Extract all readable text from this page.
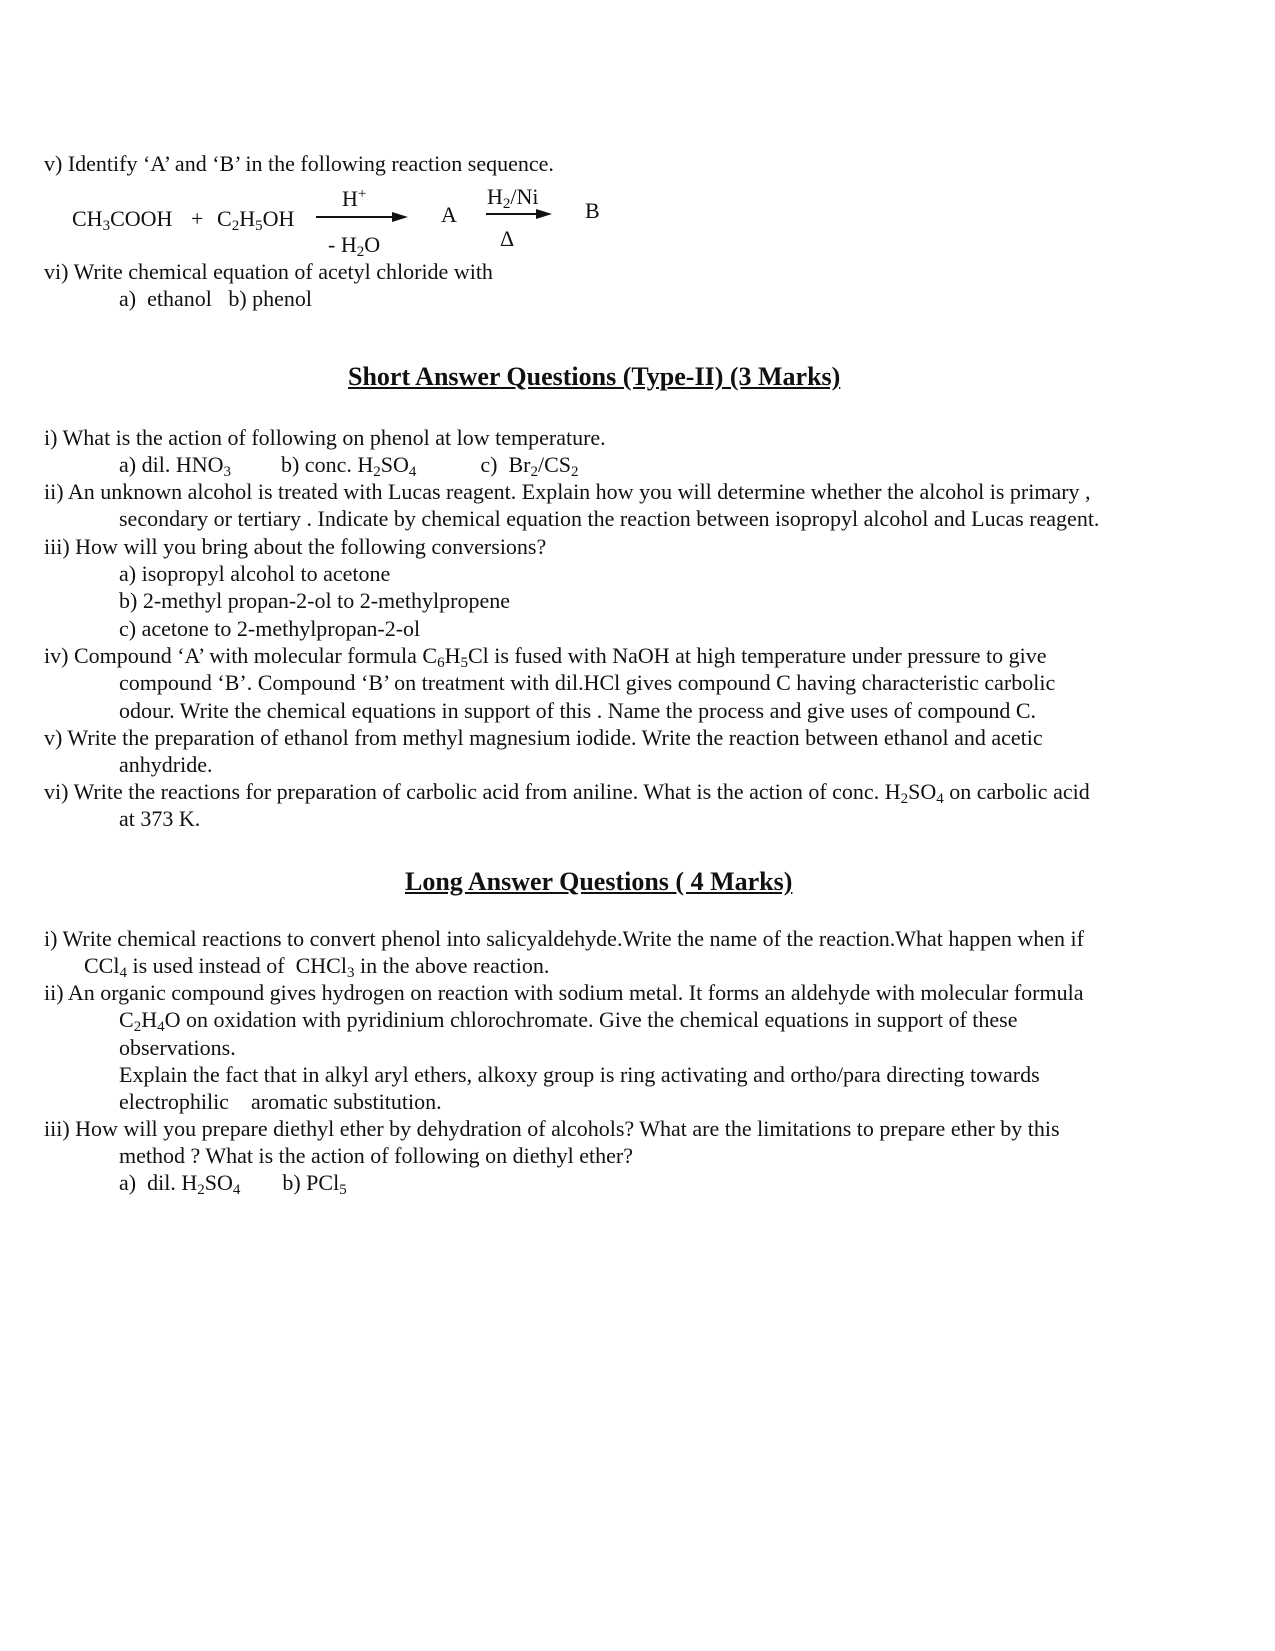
v) Identify ‘A’ and ‘B’ in the following reaction sequence.
$CH_3COOH + C_2H_5OH$
H+
- $H_2O$
A
$H_2/Ni$
Δ
B
vi) Write chemical equation of acetyl chloride with
a)  ethanol   b) phenol
Short Answer Questions (Type-II) (3 Marks)
i) What is the action of following on phenol at low temperature.
a) dil. $HNO_3$ b) conc. $H_2SO_4$	c)  $Br_2/CS_2$
ii) An unknown alcohol is treated with Lucas reagent. Explain how you will determine whether the alcohol is primary ,
secondary or tertiary . Indicate by chemical equation the reaction between isopropyl alcohol and Lucas reagent.
iii) How will you bring about the following conversions?
a) isopropyl alcohol to acetone
b) 2-methyl propan-2-ol to 2-methylpropene
c) acetone to 2-methylpropan-2-ol
iv) Compound ‘A’ with molecular formula $C_6H_5Cl$ is fused with NaOH at high temperature under pressure to give
compound ‘B’. Compound ‘B’ on treatment with dil.HCl gives compound C having characteristic carbolic
odour. Write the chemical equations in support of this . Name the process and give uses of compound C.
v) Write the preparation of ethanol from methyl magnesium iodide. Write the reaction between ethanol and acetic
anhydride.
vi) Write the reactions for preparation of carbolic acid from aniline. What is the action of conc. $H_2SO_4$ on carbolic acid
at 373 K.
Long Answer Questions ( 4 Marks)
i) Write chemical reactions to convert phenol into salicyaldehyde.Write the name of the reaction.What happen when if
CCl$_4$ is used instead of  CHCl$_3$ in the above reaction.
ii) An organic compound gives hydrogen on reaction with sodium metal. It forms an aldehyde with molecular formula
$C_2H_4O$ on oxidation with pyridinium chlorochromate. Give the chemical equations in support of these
observations.
Explain the fact that in alkyl aryl ethers, alkoxy group is ring activating and ortho/para directing towards
electrophilic    aromatic substitution.
iii) How will you prepare diethyl ether by dehydration of alcohols? What are the limitations to prepare ether by this
method ? What is the action of following on diethyl ether?
a)  dil. $H_2SO_4$ b) PCl$_5$
